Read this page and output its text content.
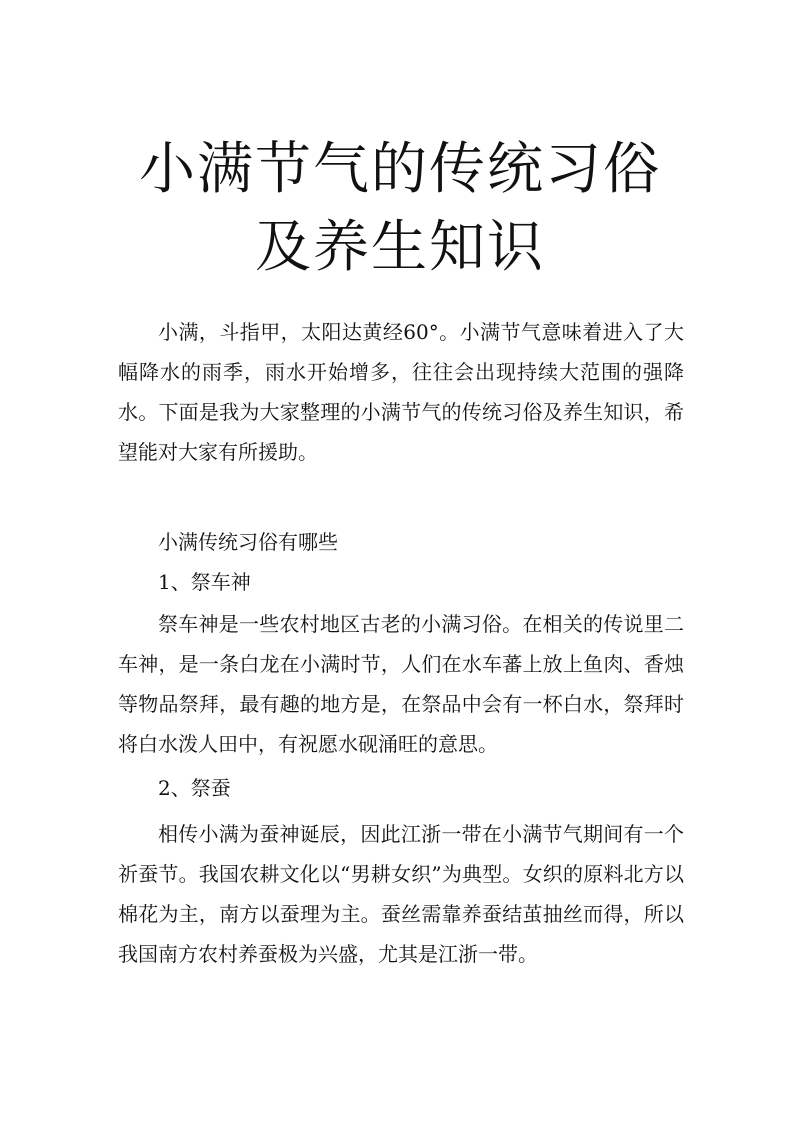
小满节气的传统习俗
及养生知识

小满，斗指甲，太阳达黄经60°。小满节气意味着进入了大幅降水的雨季，雨水开始增多，往往会出现持续大范围的强降水。下面是我为大家整理的小满节气的传统习俗及养生知识，希望能对大家有所援助。

小满传统习俗有哪些

1、祭车神

祭车神是一些农村地区古老的小满习俗。在相关的传说里二车神，是一条白龙在小满时节，人们在水车蕃上放上鱼肉、香烛等物品祭拜，最有趣的地方是，在祭品中会有一杯白水，祭拜时将白水泼人田中，有祝愿水砚涌旺的意思。

2、祭蚕

相传小满为蚕神诞辰，因此江浙一带在小满节气期间有一个祈蚕节。我国农耕文化以“男耕女织”为典型。女织的原料北方以棉花为主，南方以蚕理为主。蚕丝需靠养蚕结茧抽丝而得，所以我国南方农村养蚕极为兴盛，尤其是江浙一带。
